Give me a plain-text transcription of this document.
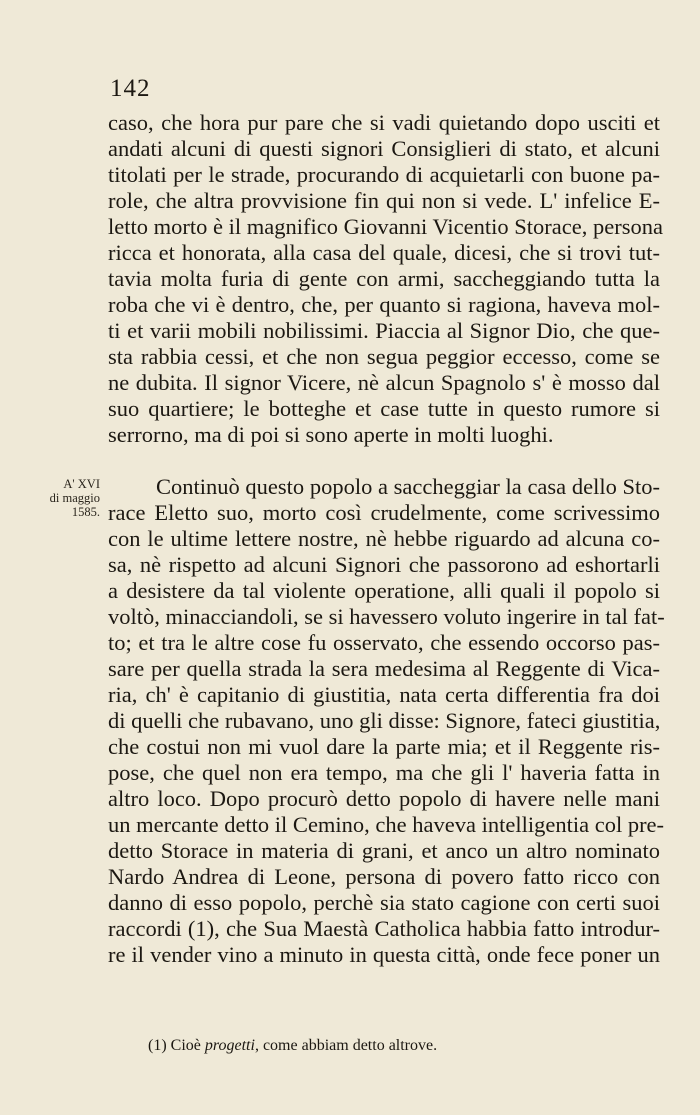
142
A' XVI
di maggio
1585.
caso, che hora pur pare che si vadi quietando dopo usciti et
andati alcuni di questi signori Consiglieri di stato, et alcuni
titolati per le strade, procurando di acquietarli con buone pa-
role, che altra provvisione fin qui non si vede. L' infelice E-
letto morto è il magnifico Giovanni Vicentio Storace, persona
ricca et honorata, alla casa del quale, dicesi, che si trovi tut-
tavia molta furia di gente con armi, saccheggiando tutta la
roba che vi è dentro, che, per quanto si ragiona, haveva mol-
ti et varii mobili nobilissimi. Piaccia al Signor Dio, che que-
sta rabbia cessi, et che non segua peggior eccesso, come se
ne dubita. Il signor Vicere, nè alcun Spagnolo s' è mosso dal
suo quartiere; le botteghe et case tutte in questo rumore si
serrorno, ma di poi si sono aperte in molti luoghi.
Continuò questo popolo a saccheggiar la casa dello Sto-
race Eletto suo, morto così crudelmente, come scrivessimo
con le ultime lettere nostre, nè hebbe riguardo ad alcuna co-
sa, nè rispetto ad alcuni Signori che passorono ad eshortarli
a desistere da tal violente operatione, alli quali il popolo si
voltò, minacciandoli, se si havessero voluto ingerire in tal fat-
to; et tra le altre cose fu osservato, che essendo occorso pas-
sare per quella strada la sera medesima al Reggente di Vica-
ria, ch' è capitanio di giustitia, nata certa differentia fra doi
di quelli che rubavano, uno gli disse: Signore, fateci giustitia,
che costui non mi vuol dare la parte mia; et il Reggente ris-
pose, che quel non era tempo, ma che gli l' haveria fatta in
altro loco. Dopo procurò detto popolo di havere nelle mani
un mercante detto il Cemino, che haveva intelligentia col pre-
detto Storace in materia di grani, et anco un altro nominato
Nardo Andrea di Leone, persona di povero fatto ricco con
danno di esso popolo, perchè sia stato cagione con certi suoi
raccordi (1), che Sua Maestà Catholica habbia fatto introdur-
re il vender vino a minuto in questa città, onde fece poner un
(1) Cioè progetti, come abbiam detto altrove.
